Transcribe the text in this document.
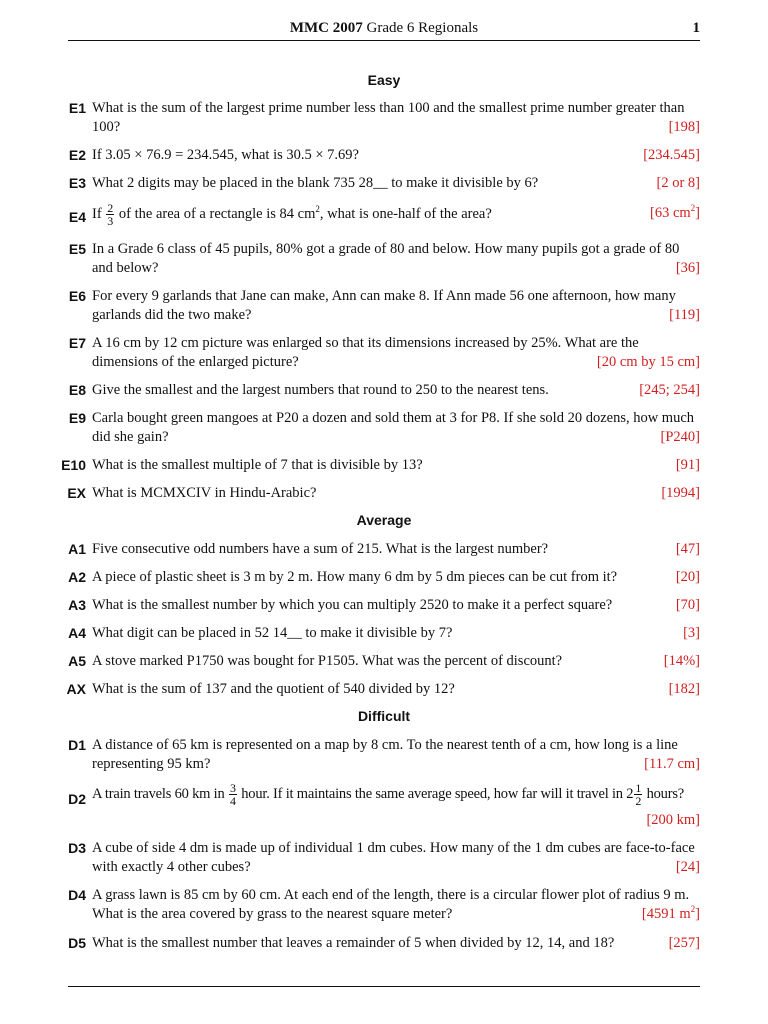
MMC 2007 Grade 6 Regionals	1
Easy
E1 What is the sum of the largest prime number less than 100 and the smallest prime number greater than 100?	[198]
E2 If 3.05 × 76.9 = 234.545, what is 30.5 × 7.69?	[234.545]
E3 What 2 digits may be placed in the blank 735 28__ to make it divisible by 6?	[2 or 8]
E4 If $\frac{2}{3}$ of the area of a rectangle is 84 $cm^2$, what is one-half of the area?	[63 $cm^2$]
E5 In a Grade 6 class of 45 pupils, 80% got a grade of 80 and below. How many pupils got a grade of 80 and below?	[36]
E6 For every 9 garlands that Jane can make, Ann can make 8. If Ann made 56 one afternoon, how many garlands did the two make?	[119]
E7 A 16 cm by 12 cm picture was enlarged so that its dimensions increased by 25%. What are the dimensions of the enlarged picture?	[20 cm by 15 cm]
E8 Give the smallest and the largest numbers that round to 250 to the nearest tens.	[245; 254]
E9 Carla bought green mangoes at P20 a dozen and sold them at 3 for P8. If she sold 20 dozens, how much did she gain?	[P240]
E10 What is the smallest multiple of 7 that is divisible by 13?	[91]
EX What is MCMXCIV in Hindu-Arabic?	[1994]
Average
A1 Five consecutive odd numbers have a sum of 215. What is the largest number?	[47]
A2 A piece of plastic sheet is 3 m by 2 m. How many 6 dm by 5 dm pieces can be cut from it?	[20]
A3 What is the smallest number by which you can multiply 2520 to make it a perfect square?	[70]
A4 What digit can be placed in 52 14__ to make it divisible by 7?	[3]
A5 A stove marked P1750 was bought for P1505. What was the percent of discount?	[14%]
AX What is the sum of 137 and the quotient of 540 divided by 12?	[182]
Difficult
D1 A distance of 65 km is represented on a map by 8 cm. To the nearest tenth of a cm, how long is a line representing 95 km?	[11.7 cm]
D2 A train travels 60 km in $\frac{3}{4}$ hour. If it maintains the same average speed, how far will it travel in $2 \frac{1}{2}$ hours?
[200 km]
D3 A cube of side 4 dm is made up of individual 1 dm cubes. How many of the 1 dm cubes are face-to-face with exactly 4 other cubes?	[24]
D4 A grass lawn is 85 cm by 60 cm. At each end of the length, there is a circular flower plot of radius 9 m. What is the area covered by grass to the nearest square meter?	[4591 $m^2$]
D5 What is the smallest number that leaves a remainder of 5 when divided by 12, 14, and 18?	[257]
